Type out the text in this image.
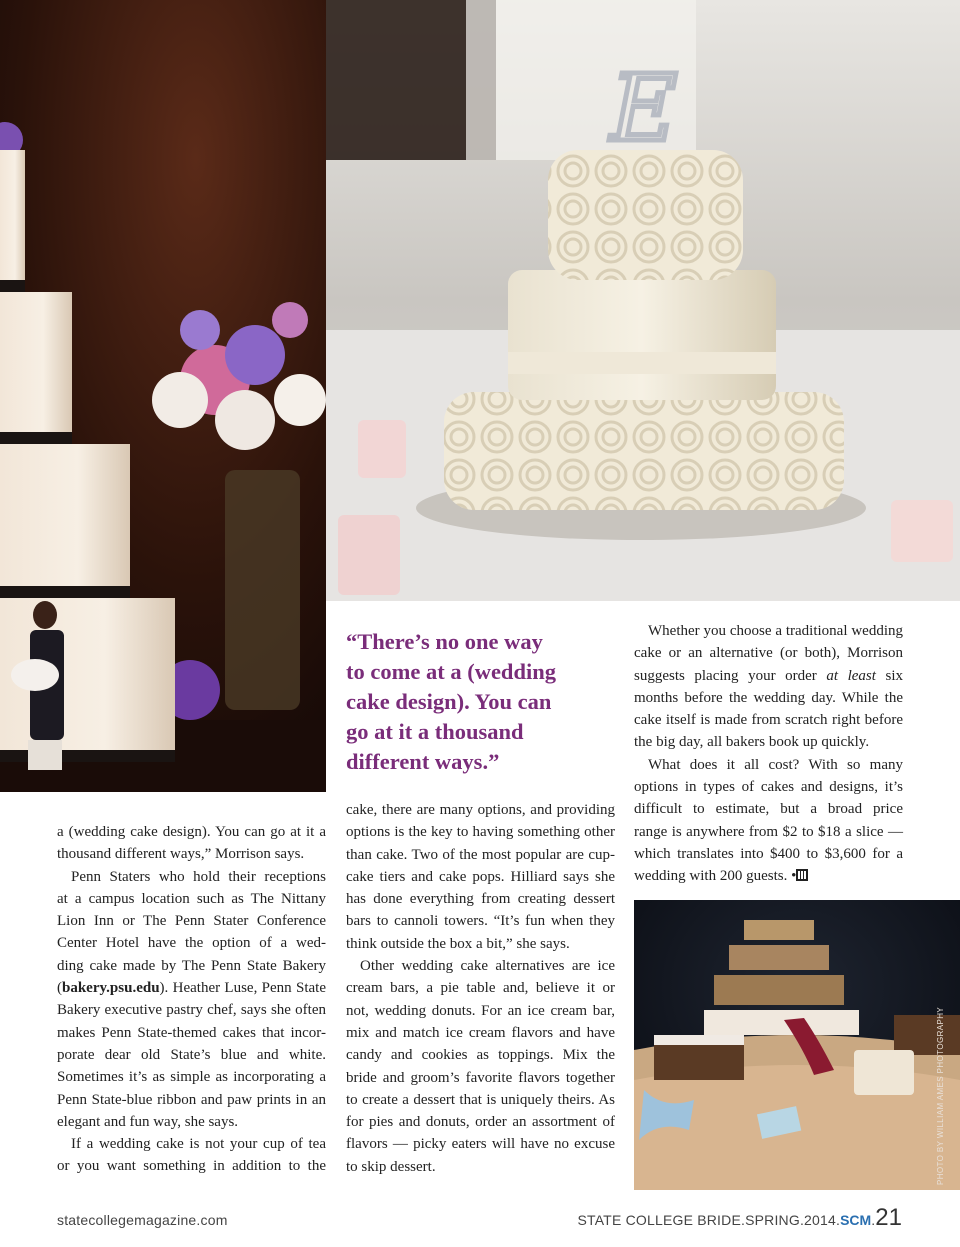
E
“There’s no one way
to come at a (wedding
cake design). You can
go at it a thousand
different ways.”
a (wedding cake design). You can go at it a
thousand different ways,” Morrison says.
Penn Staters who hold their receptions
at a campus location such as The Nittany
Lion Inn or The Penn Stater Conference
Center Hotel have the option of a wed-
ding cake made by The Penn State Bakery
(bakery.psu.edu). Heather Luse, Penn State
Bakery executive pastry chef, says she often
makes Penn State-themed cakes that incor-
porate dear old State’s blue and white.
Sometimes it’s as simple as incorporating a
Penn State-blue ribbon and paw prints in an
elegant and fun way, she says.
If a wedding cake is not your cup of tea
or you want something in addition to the
cake, there are many options, and providing
options is the key to having something other
than cake. Two of the most popular are cup-
cake tiers and cake pops. Hilliard says she
has done everything from creating dessert
bars to cannoli towers. “It’s fun when they
think outside the box a bit,” she says.
Other wedding cake alternatives are ice
cream bars, a pie table and, believe it or
not, wedding donuts. For an ice cream bar,
mix and match ice cream flavors and have
candy and cookies as toppings. Mix the
bride and groom’s favorite flavors together
to create a dessert that is uniquely theirs. As
for pies and donuts, order an assortment of
flavors — picky eaters will have no excuse
to skip dessert.
Whether you choose a traditional wedding
cake or an alternative (or both), Morrison
suggests placing your order at least six
months before the wedding day. While the
cake itself is made from scratch right before
the big day, all bakers book up quickly.
What does it all cost? With so many
options in types of cakes and designs, it’s
difficult to estimate, but a broad price
range is anywhere from $2 to $18 a slice —
which translates into $400 to $3,600 for a
wedding with 200 guests. •
PHOTO BY WILLIAM AMES PHOTOGRAPHY
statecollegemagazine.com	STATE COLLEGE BRIDE.SPRING.2014.SCM.21
